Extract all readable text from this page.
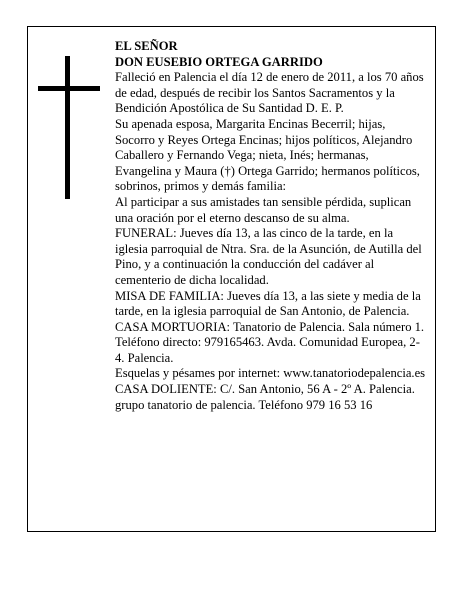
EL SEÑOR

DON EUSEBIO ORTEGA GARRIDO

Falleció en Palencia el día 12 de enero de 2011, a los 70 años de edad, después de recibir los Santos Sacramentos y la Bendición Apostólica de Su Santidad D. E. P.

Su apenada esposa, Margarita Encinas Becerril; hijas, Socorro y Reyes Ortega Encinas; hijos políticos, Alejandro Caballero y Fernando Vega; nieta, Inés; hermanas, Evangelina y Maura (†) Ortega Garrido; hermanos políticos, sobrinos, primos y demás familia:

Al participar a sus amistades tan sensible pérdida, suplican una oración por el eterno descanso de su alma.

FUNERAL: Jueves día 13, a las cinco de la tarde, en la iglesia parroquial de Ntra. Sra. de la Asunción, de Autilla del Pino, y a continuación la conducción del cadáver al cementerio de dicha localidad.

MISA DE FAMILIA: Jueves día 13, a las siete y media de la tarde, en la iglesia parroquial de San Antonio, de Palencia.

CASA MORTUORIA: Tanatorio de Palencia. Sala número 1. Teléfono directo: 979165463. Avda. Comunidad Europea, 2-4. Palencia.

Esquelas y pésames por internet: www.tanatoriodepalencia.es

CASA DOLIENTE: C/. San Antonio, 56 A - 2º A. Palencia.

grupo tanatorio de palencia. Teléfono 979 16 53 16
